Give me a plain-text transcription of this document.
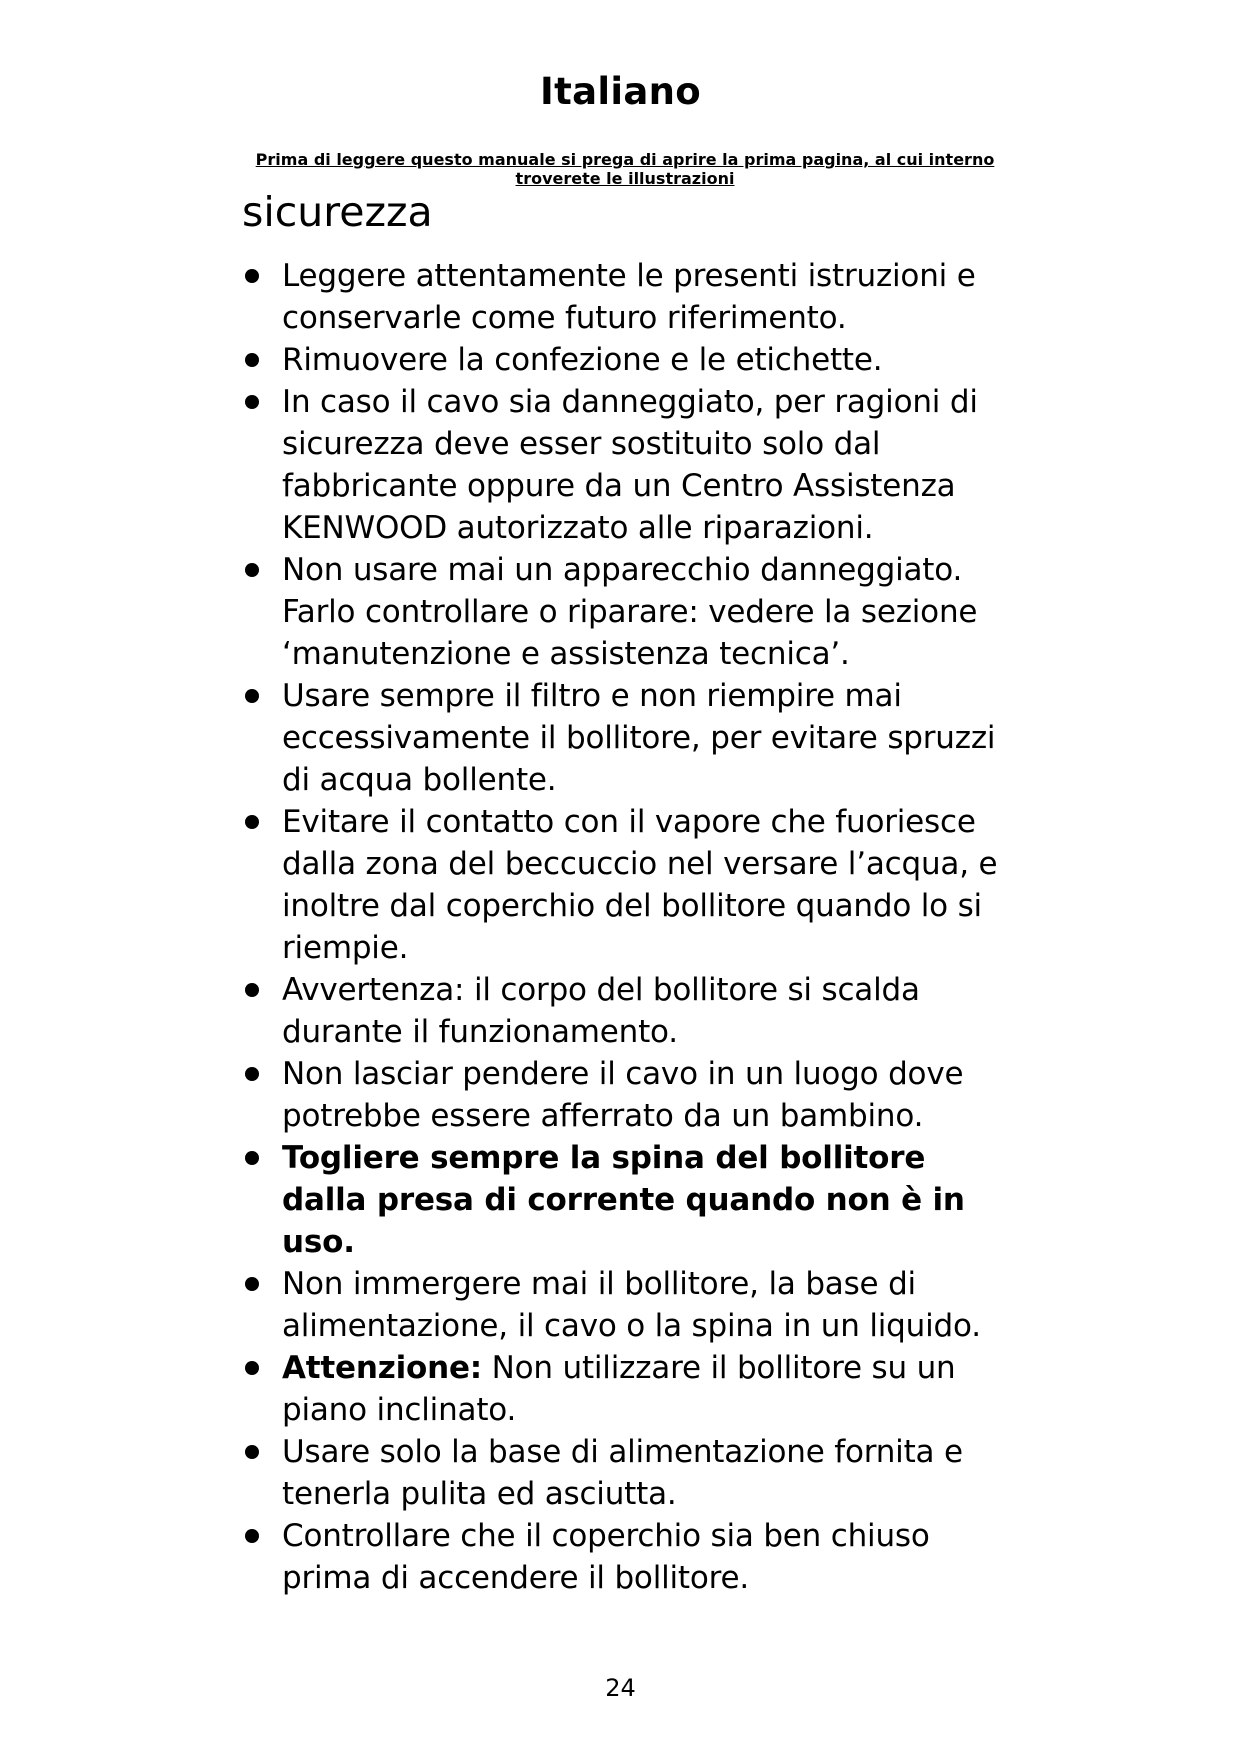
Italiano
Prima di leggere questo manuale si prega di aprire la prima pagina, al cui interno troverete le illustrazioni
sicurezza
Leggere attentamente le presenti istruzioni e conservarle come futuro riferimento.
Rimuovere la confezione e le etichette.
In caso il cavo sia danneggiato, per ragioni di sicurezza deve esser sostituito solo dal fabbricante oppure da un Centro Assistenza KENWOOD autorizzato alle riparazioni.
Non usare mai un apparecchio danneggiato. Farlo controllare o riparare: vedere la sezione ‘manutenzione e assistenza tecnica’.
Usare sempre il filtro e non riempire mai eccessivamente il bollitore, per evitare spruzzi di acqua bollente.
Evitare il contatto con il vapore che fuoriesce dalla zona del beccuccio nel versare l’acqua, e inoltre dal coperchio del bollitore quando lo si riempie.
Avvertenza: il corpo del bollitore si scalda durante il funzionamento.
Non lasciar pendere il cavo in un luogo dove potrebbe essere afferrato da un bambino.
Togliere sempre la spina del bollitore dalla presa di corrente quando non è in uso.
Non immergere mai il bollitore, la base di alimentazione, il cavo o la spina in un liquido.
Attenzione: Non utilizzare il bollitore su un piano inclinato.
Usare solo la base di alimentazione fornita e tenerla pulita ed asciutta.
Controllare che il coperchio sia ben chiuso prima di accendere il bollitore.
24
